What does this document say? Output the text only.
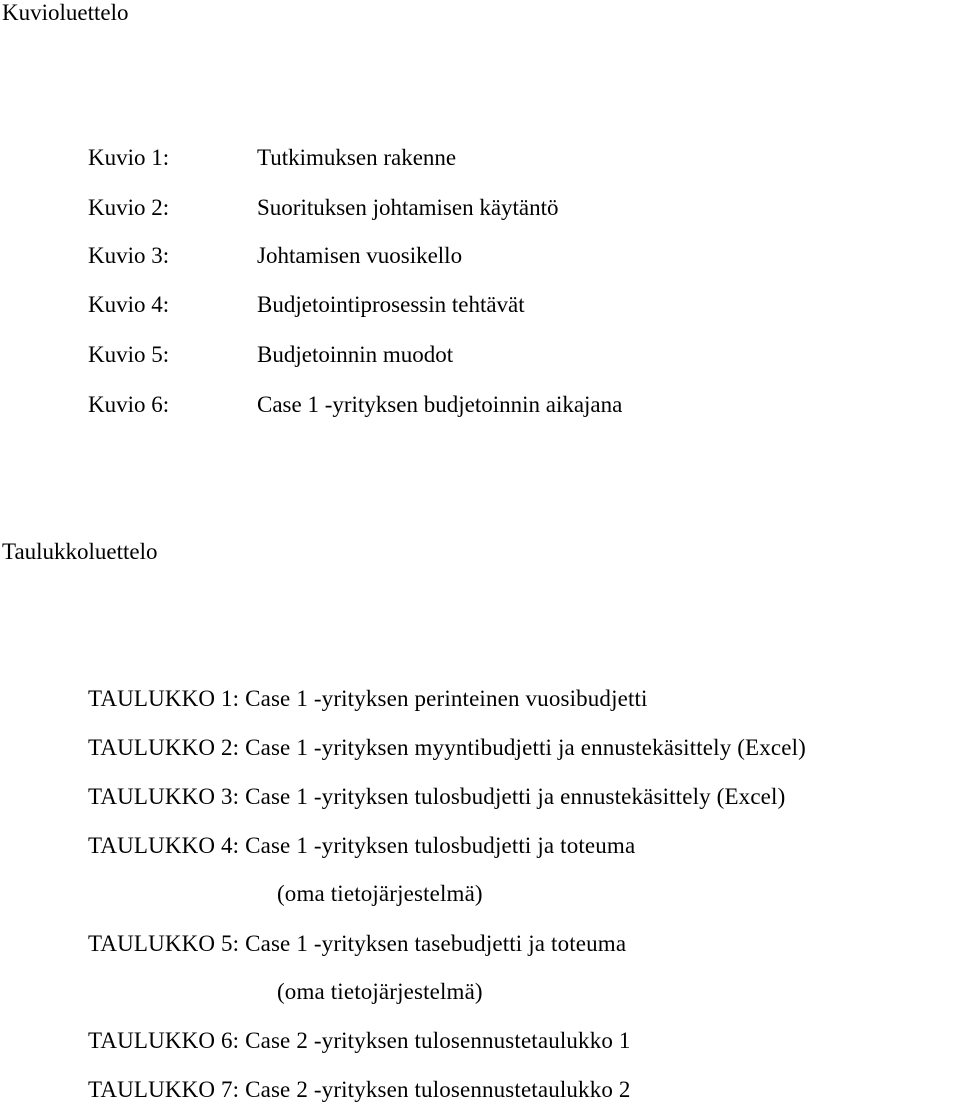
Kuvioluettelo
Kuvio 1:	Tutkimuksen rakenne
Kuvio 2:	Suorituksen johtamisen käytäntö
Kuvio 3:	Johtamisen vuosikello
Kuvio 4:	Budjetointiprosessin tehtävät
Kuvio 5:	Budjetoinnin muodot
Kuvio 6:	Case 1 -yrityksen budjetoinnin aikajana
Taulukkoluettelo
TAULUKKO 1: Case 1 -yrityksen perinteinen vuosibudjetti
TAULUKKO 2: Case 1 -yrityksen myyntibudjetti ja ennustekäsittely (Excel)
TAULUKKO 3: Case 1 -yrityksen tulosbudjetti ja ennustekäsittely (Excel)
TAULUKKO 4: Case 1 -yrityksen tulosbudjetti ja toteuma
(oma tietojärjestelmä)
TAULUKKO 5: Case 1 -yrityksen tasebudjetti ja toteuma
(oma tietojärjestelmä)
TAULUKKO 6: Case 2 -yrityksen tulosennustetaulukko 1
TAULUKKO 7: Case 2 -yrityksen tulosennustetaulukko 2
